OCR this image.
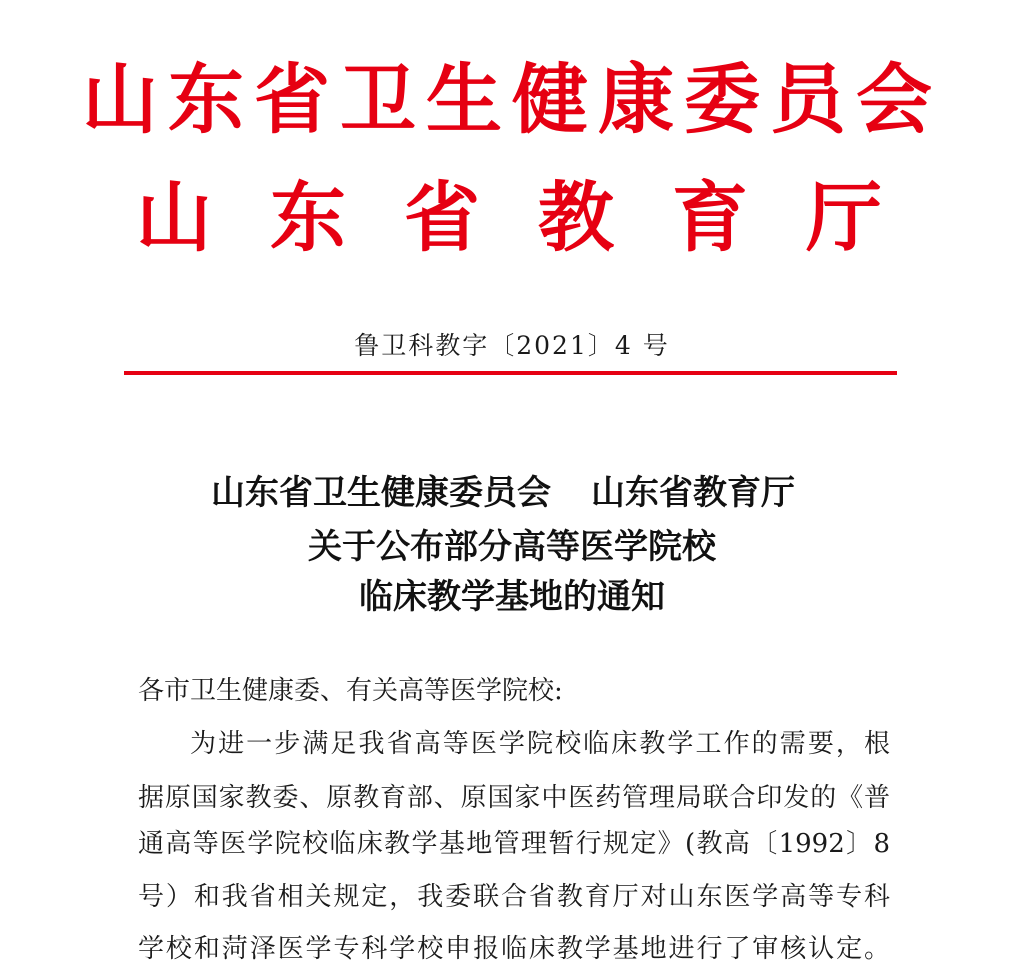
山东省卫生健康委员会
山东省教育厅
鲁卫科教字〔2021〕4 号
山东省卫生健康委员会 山东省教育厅
关于公布部分高等医学院校
临床教学基地的通知
各市卫生健康委、有关高等医学院校:
为进一步满足我省高等医学院校临床教学工作的需要，根
据原国家教委、原教育部、原国家中医药管理局联合印发的《普
通高等医学院校临床教学基地管理暂行规定》(教高〔1992〕8
号）和我省相关规定，我委联合省教育厅对山东医学高等专科
学校和菏泽医学专科学校申报临床教学基地进行了审核认定。
